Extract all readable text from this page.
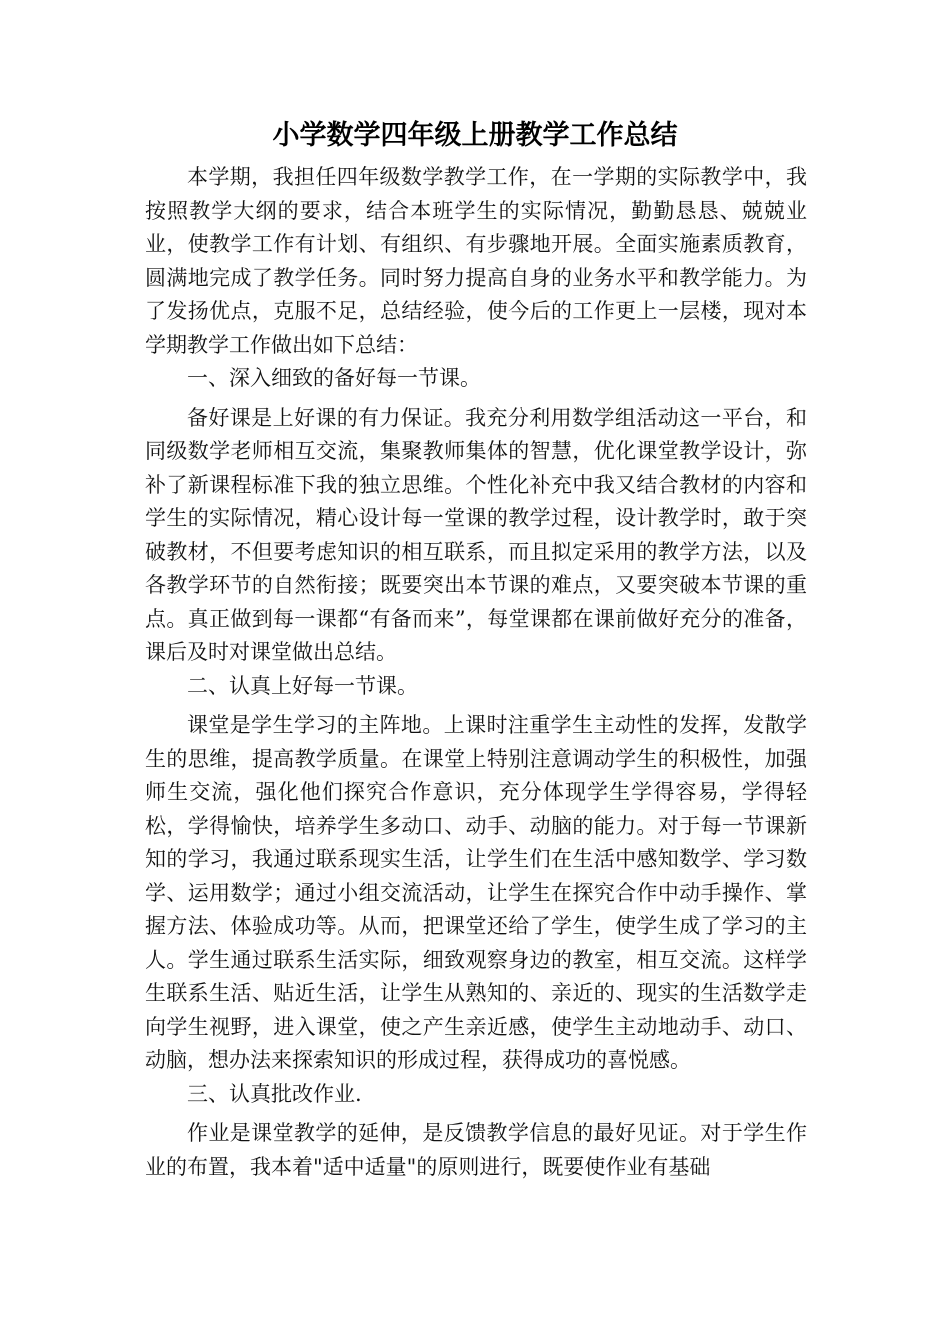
小学数学四年级上册教学工作总结

本学期，我担任四年级数学教学工作，在一学期的实际教学中，我按照教学大纲的要求，结合本班学生的实际情况，勤勤恳恳、兢兢业业，使教学工作有计划、有组织、有步骤地开展。全面实施素质教育，圆满地完成了教学任务。同时努力提高自身的业务水平和教学能力。为了发扬优点，克服不足，总结经验，使今后的工作更上一层楼，现对本学期教学工作做出如下总结：

一、深入细致的备好每一节课。

备好课是上好课的有力保证。我充分利用数学组活动这一平台，和同级数学老师相互交流，集聚教师集体的智慧，优化课堂教学设计，弥补了新课程标准下我的独立思维。个性化补充中我又结合教材的内容和学生的实际情况，精心设计每一堂课的教学过程，设计教学时，敢于突破教材，不但要考虑知识的相互联系，而且拟定采用的教学方法，以及各教学环节的自然衔接；既要突出本节课的难点，又要突破本节课的重点。真正做到每一课都“有备而来”，每堂课都在课前做好充分的准备，课后及时对课堂做出总结。

二、认真上好每一节课。

课堂是学生学习的主阵地。上课时注重学生主动性的发挥，发散学生的思维，提高教学质量。在课堂上特别注意调动学生的积极性，加强师生交流，强化他们探究合作意识，充分体现学生学得容易，学得轻松，学得愉快，培养学生多动口、动手、动脑的能力。对于每一节课新知的学习，我通过联系现实生活，让学生们在生活中感知数学、学习数学、运用数学；通过小组交流活动，让学生在探究合作中动手操作、掌握方法、体验成功等。从而，把课堂还给了学生，使学生成了学习的主人。学生通过联系生活实际，细致观察身边的教室，相互交流。这样学生联系生活、贴近生活，让学生从熟知的、亲近的、现实的生活数学走向学生视野，进入课堂，使之产生亲近感，使学生主动地动手、动口、动脑，想办法来探索知识的形成过程，获得成功的喜悦感。

三、认真批改作业.

作业是课堂教学的延伸，是反馈教学信息的最好见证。对于学生作业的布置，我本着"适中适量"的原则进行，既要使作业有基础
